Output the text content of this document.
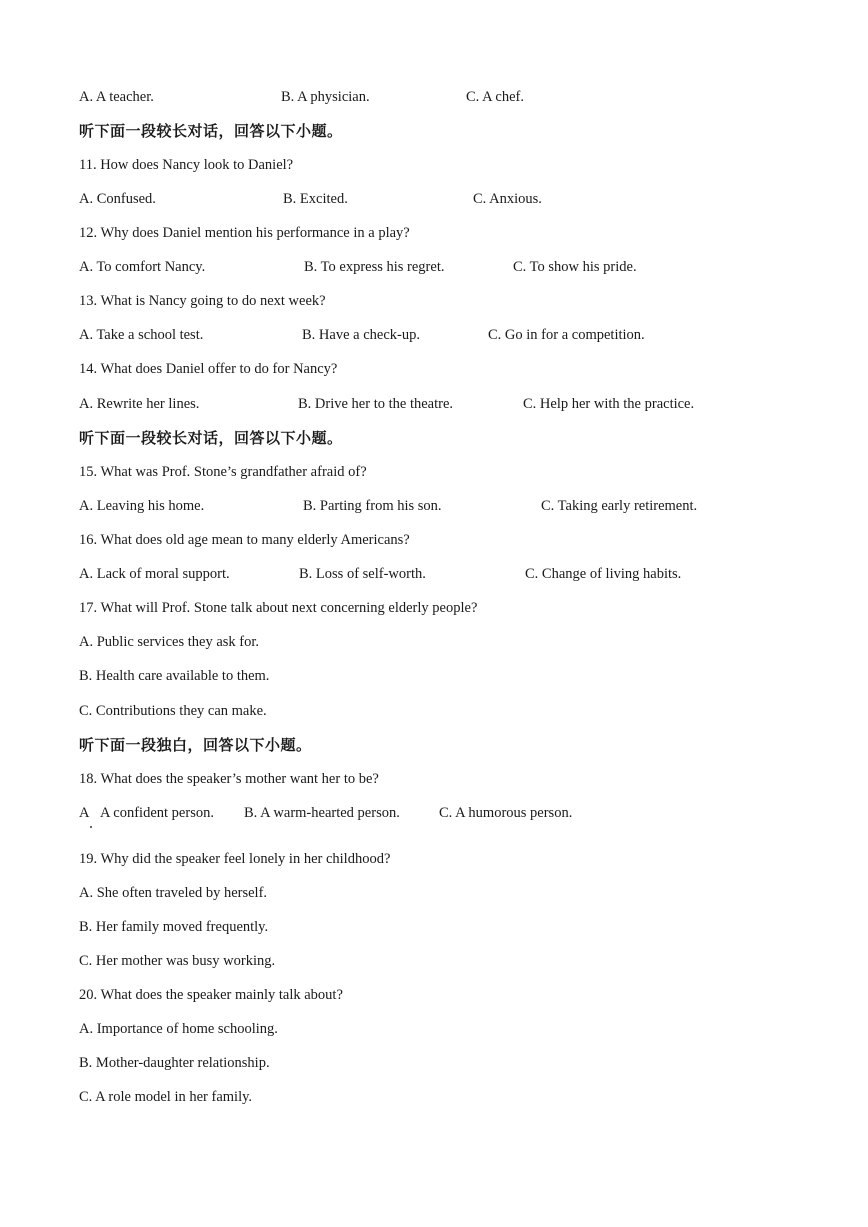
A. A teacher.	B. A physician.	C. A chef.
听下面一段较长对话，回答以下小题。
11. How does Nancy look to Daniel?
A. Confused.	B. Excited.	C. Anxious.
12. Why does Daniel mention his performance in a play?
A. To comfort Nancy.	B. To express his regret.	C. To show his pride.
13. What is Nancy going to do next week?
A. Take a school test.	B. Have a check-up.	C. Go in for a competition.
14. What does Daniel offer to do for Nancy?
A. Rewrite her lines.	B. Drive her to the theatre.	C. Help her with the practice.
听下面一段较长对话，回答以下小题。
15. What was Prof. Stone’s grandfather afraid of?
A. Leaving his home.	B. Parting from his son.	C. Taking early retirement.
16. What does old age mean to many elderly Americans?
A. Lack of moral support.	B. Loss of self-worth.	C. Change of living habits.
17. What will Prof. Stone talk about next concerning elderly people?
A. Public services they ask for.
B. Health care available to them.
C. Contributions they can make.
听下面一段独白，回答以下小题。
18. What does the speaker’s mother want her to be?
A A confident person. B. A warm-hearted person.	C. A humorous person.
19. Why did the speaker feel lonely in her childhood?
A. She often traveled by herself.
B. Her family moved frequently.
C. Her mother was busy working.
20. What does the speaker mainly talk about?
A. Importance of home schooling.
B. Mother-daughter relationship.
C. A role model in her family.
